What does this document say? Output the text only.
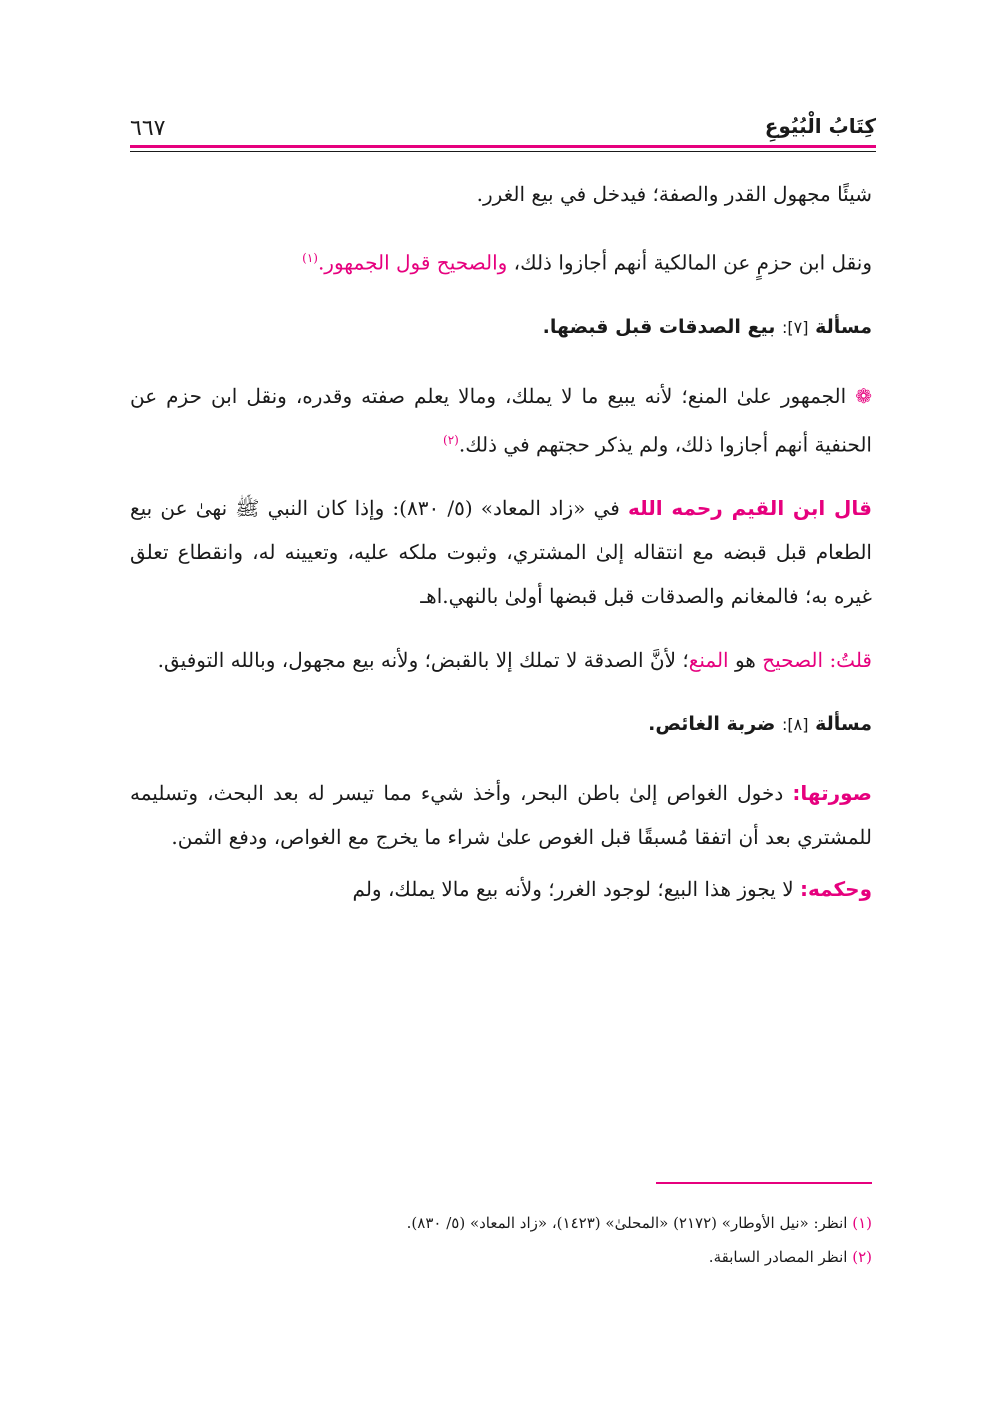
كِتَابُ الْبُيُوعِ
٦٦٧

شيئًا مجهول القدر والصفة؛ فيدخل في بيع الغرر.

ونقل ابن حزمٍ عن المالكية أنهم أجازوا ذلك، والصحيح قول الجمهور.$^{(١)}$

مسألة [٧]: بيع الصدقات قبل قبضها.

❁ الجمهور علىٰ المنع؛ لأنه يبيع ما لا يملك، ومالا يعلم صفته وقدره، ونقل ابن حزم عن الحنفية أنهم أجازوا ذلك، ولم يذكر حجتهم في ذلك.$^{(٢)}$

قال ابن القيم رحمه الله في «زاد المعاد» (٥/ ٨٣٠): وإذا كان النبي ﷺ نهىٰ عن بيع الطعام قبل قبضه مع انتقاله إلىٰ المشتري، وثبوت ملكه عليه، وتعيينه له، وانقطاع تعلق غيره به؛ فالمغانم والصدقات قبل قبضها أولىٰ بالنهي.اهـ

قلتُ: الصحيح هو المنع؛ لأنَّ الصدقة لا تملك إلا بالقبض؛ ولأنه بيع مجهول، وبالله التوفيق.

مسألة [٨]: ضربة الغائص.

صورتها: دخول الغواص إلىٰ باطن البحر، وأخذ شيء مما تيسر له بعد البحث، وتسليمه للمشتري بعد أن اتفقا مُسبقًا قبل الغوص علىٰ شراء ما يخرج مع الغواص، ودفع الثمن.

وحكمه: لا يجوز هذا البيع؛ لوجود الغرر؛ ولأنه بيع مالا يملك، ولم

(١) انظر: «نيل الأوطار» (٢١٧٢) «المحلىٰ» (١٤٢٣)، «زاد المعاد» (٥/ ٨٣٠).
(٢) انظر المصادر السابقة.
